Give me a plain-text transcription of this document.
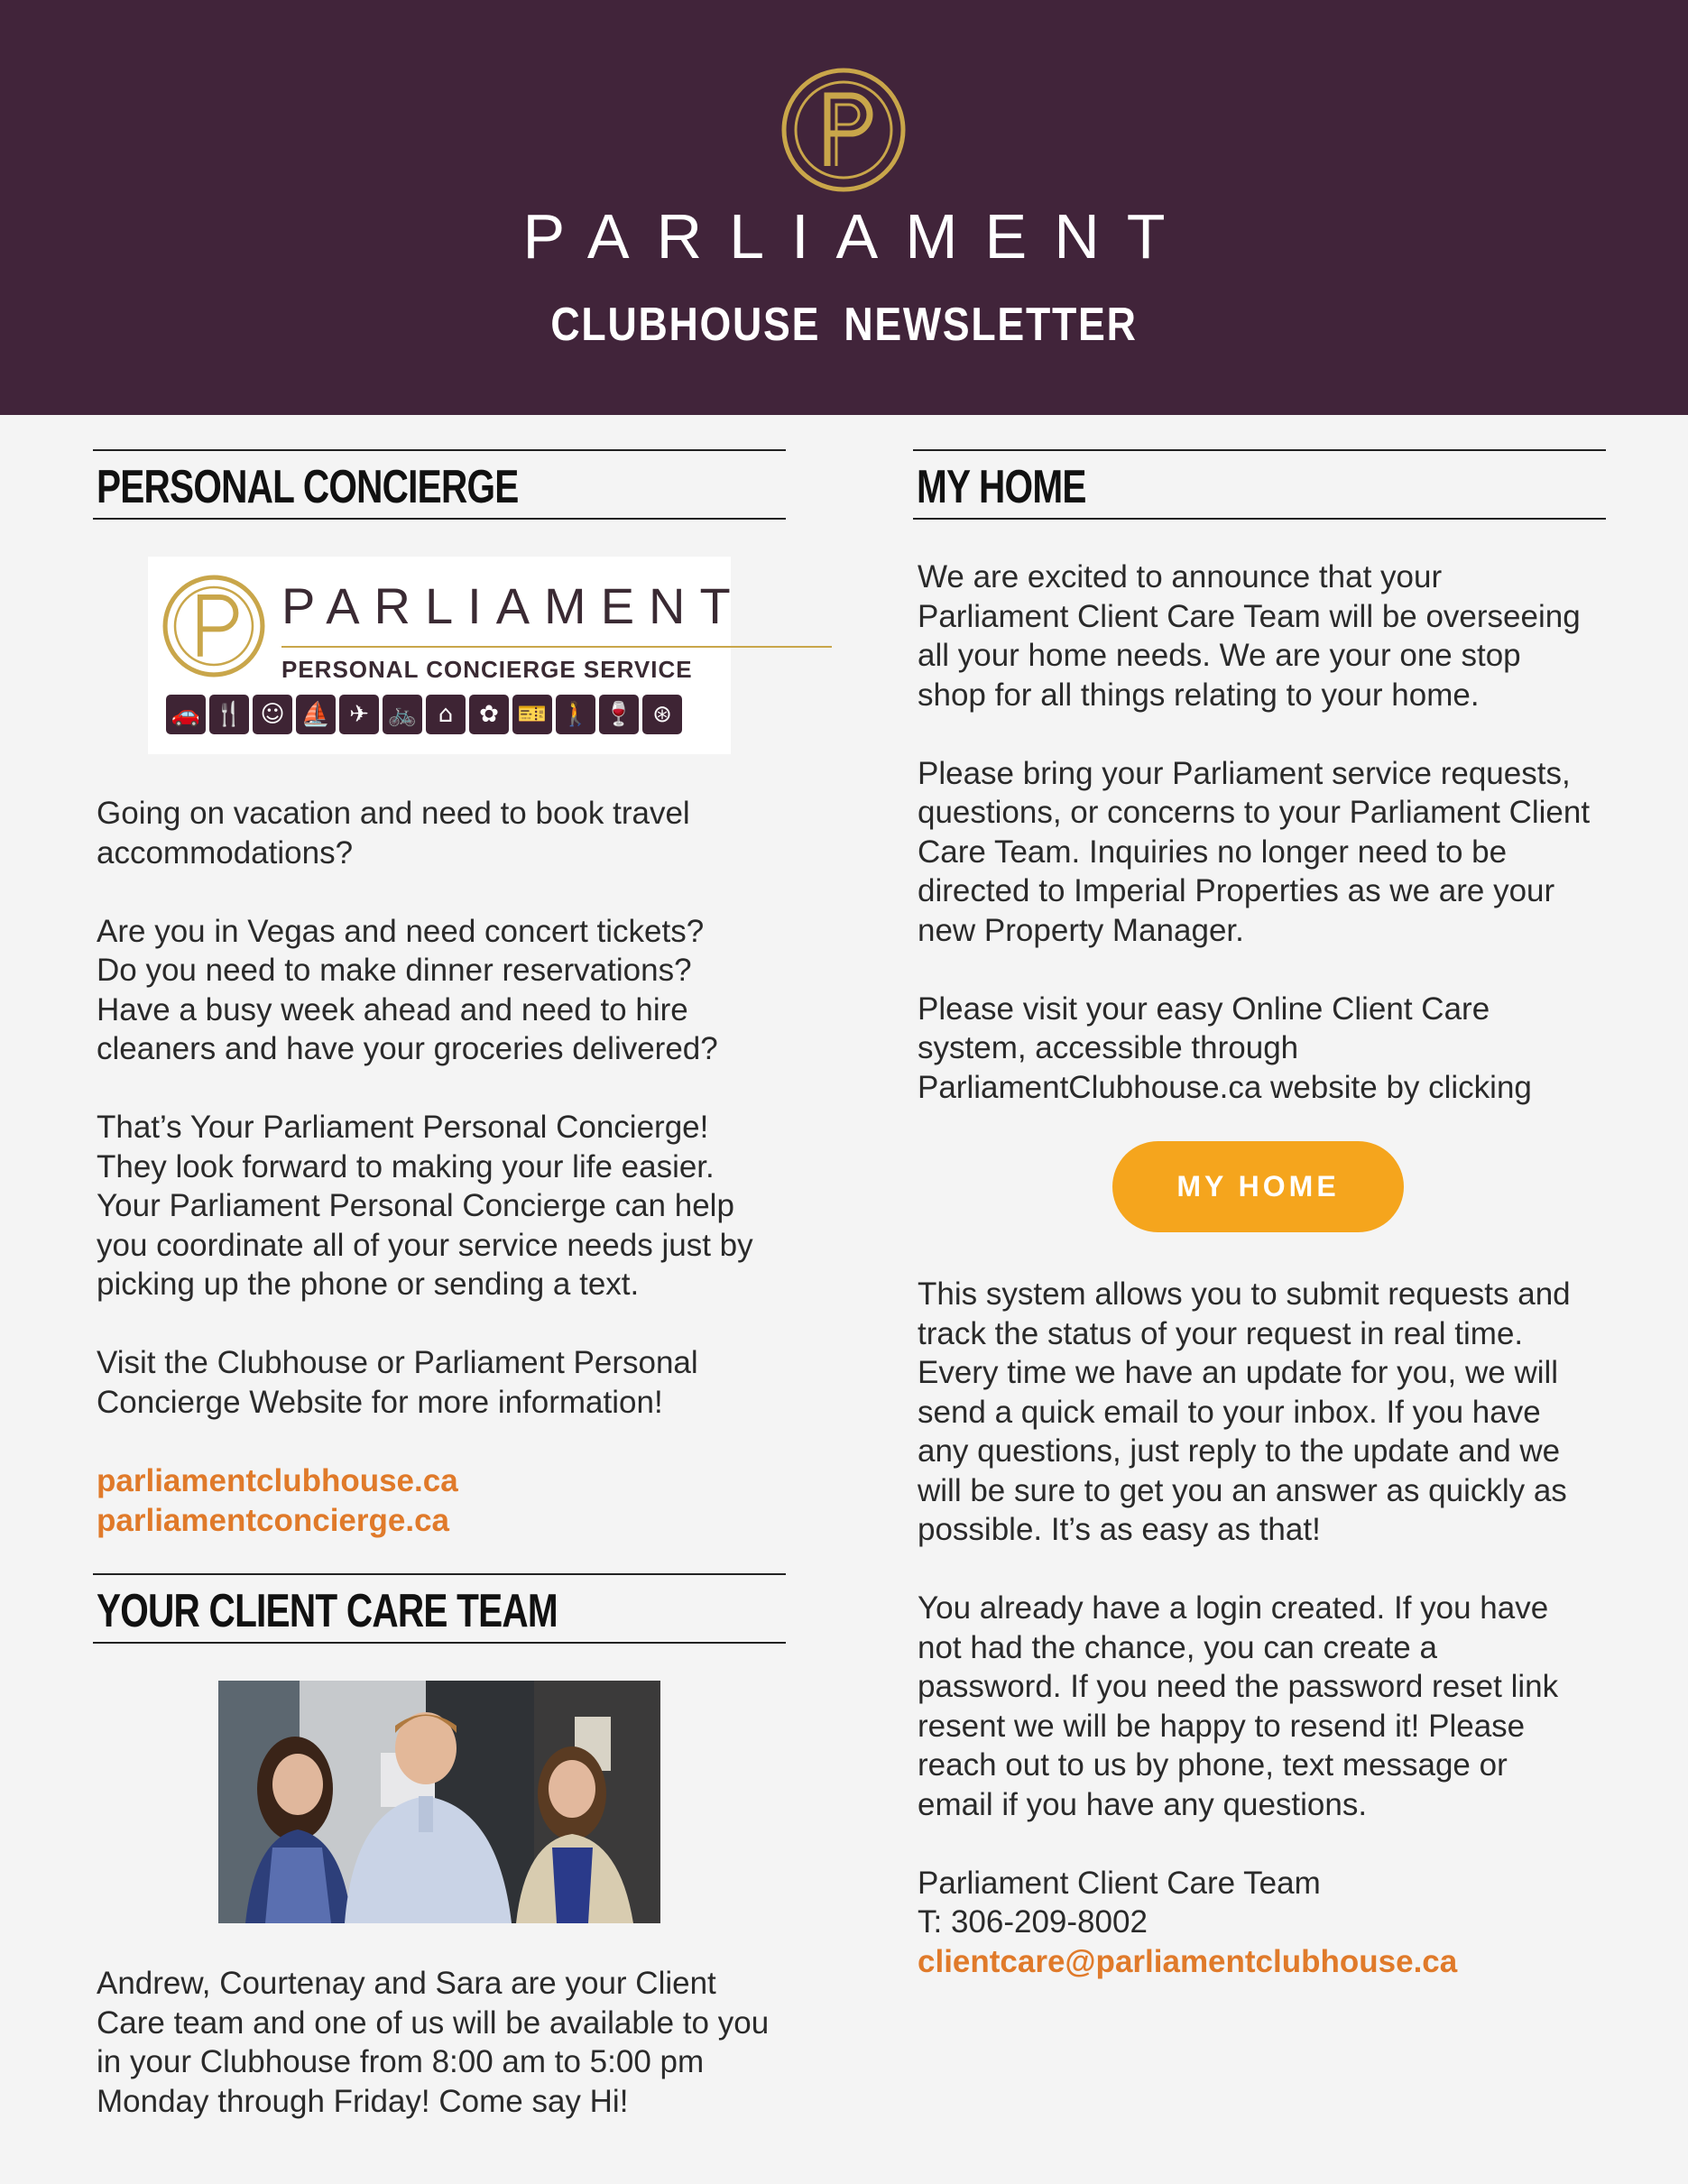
PARLIAMENT
CLUBHOUSE NEWSLETTER
PERSONAL CONCIERGE
PARLIAMENT
PERSONAL CONCIERGE SERVICE
🚗 🍴 ☺ ⛵ ✈ 🚲 ⌂	✿ 🎫 🚶 🍷 ⊛

Going on vacation and need to book travel
accommodations?

Are you in Vegas and need concert tickets?
Do you need to make dinner reservations?
Have a busy week ahead and need to hire
cleaners and have your groceries delivered?

That’s Your Parliament Personal Concierge!
They look forward to making your life easier.
Your Parliament Personal Concierge can help
you coordinate all of your service needs just by
picking up the phone or sending a text.

Visit the Clubhouse or Parliament Personal
Concierge Website for more information!

parliamentclubhouse.ca
parliamentconcierge.ca

YOUR CLIENT CARE TEAM

Andrew, Courtenay and Sara are your Client
Care team and one of us will be available to you
in your Clubhouse from 8:00 am to 5:00 pm
Monday through Friday! Come say Hi!

MY HOME

We are excited to announce that your
Parliament Client Care Team will be overseeing
all your home needs. We are your one stop
shop for all things relating to your home.

Please bring your Parliament service requests,
questions, or concerns to your Parliament Client
Care Team. Inquiries no longer need to be
directed to Imperial Properties as we are your
new Property Manager.

Please visit your easy Online Client Care
system, accessible through
ParliamentClubhouse.ca website by clicking

MY HOME

This system allows you to submit requests and
track the status of your request in real time.
Every time we have an update for you, we will
send a quick email to your inbox. If you have
any questions, just reply to the update and we
will be sure to get you an answer as quickly as
possible. It’s as easy as that!

You already have a login created. If you have
not had the chance, you can create a
password. If you need the password reset link
resent we will be happy to resend it! Please
reach out to us by phone, text message or
email if you have any questions.

Parliament Client Care Team
T: 306-209-8002
clientcare@parliamentclubhouse.ca
